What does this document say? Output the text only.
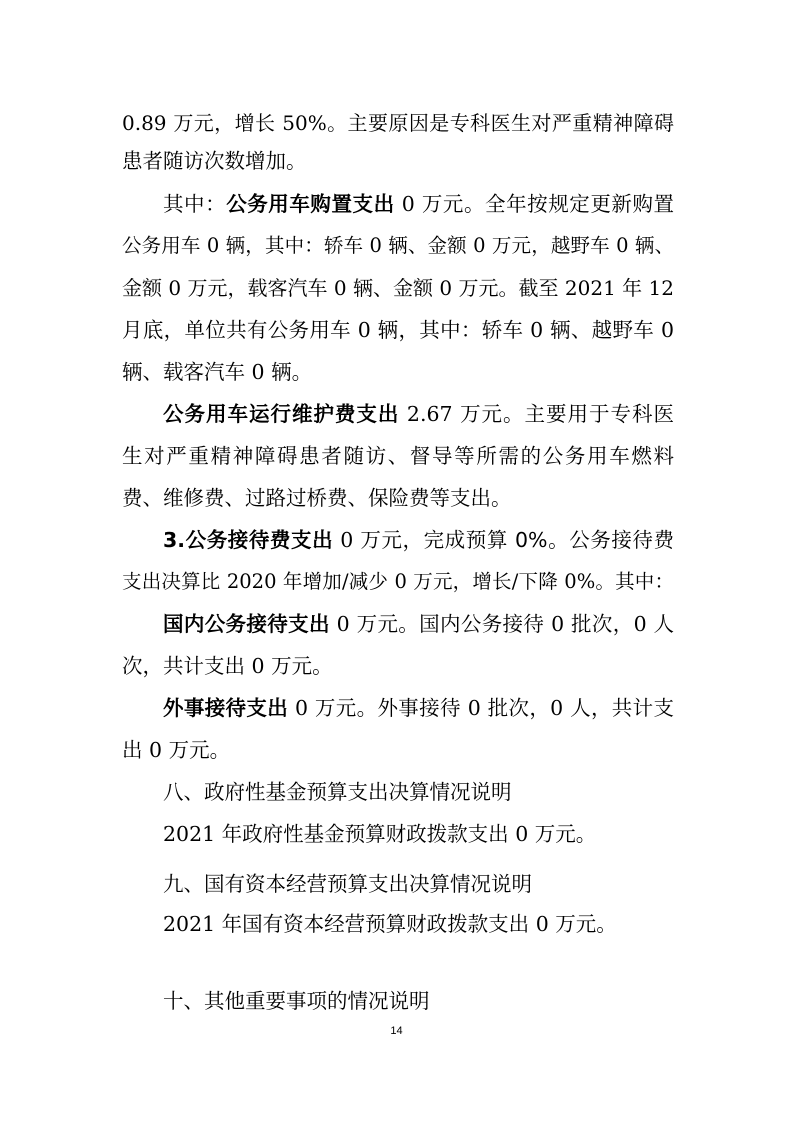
0.89 万元，增长 50%。主要原因是专科医生对严重精神障碍
患者随访次数增加。
其中：公务用车购置支出 0 万元。全年按规定更新购置
公务用车 0 辆，其中：轿车 0 辆、金额 0 万元，越野车 0 辆、
金额 0 万元，载客汽车 0 辆、金额 0 万元。截至 2021 年 12
月底，单位共有公务用车 0 辆，其中：轿车 0 辆、越野车 0
辆、载客汽车 0 辆。
公务用车运行维护费支出 2.67 万元。主要用于专科医
生对严重精神障碍患者随访、督导等所需的公务用车燃料
费、维修费、过路过桥费、保险费等支出。
3.公务接待费支出 0 万元，完成预算 0%。公务接待费
支出决算比 2020 年增加/减少 0 万元，增长/下降 0%。其中：
国内公务接待支出 0 万元。国内公务接待 0 批次，0 人
次，共计支出 0 万元。
外事接待支出 0 万元。外事接待 0 批次，0 人，共计支
出 0 万元。
八、政府性基金预算支出决算情况说明
2021 年政府性基金预算财政拨款支出 0 万元。
九、国有资本经营预算支出决算情况说明
2021 年国有资本经营预算财政拨款支出 0 万元。
十、其他重要事项的情况说明
14
